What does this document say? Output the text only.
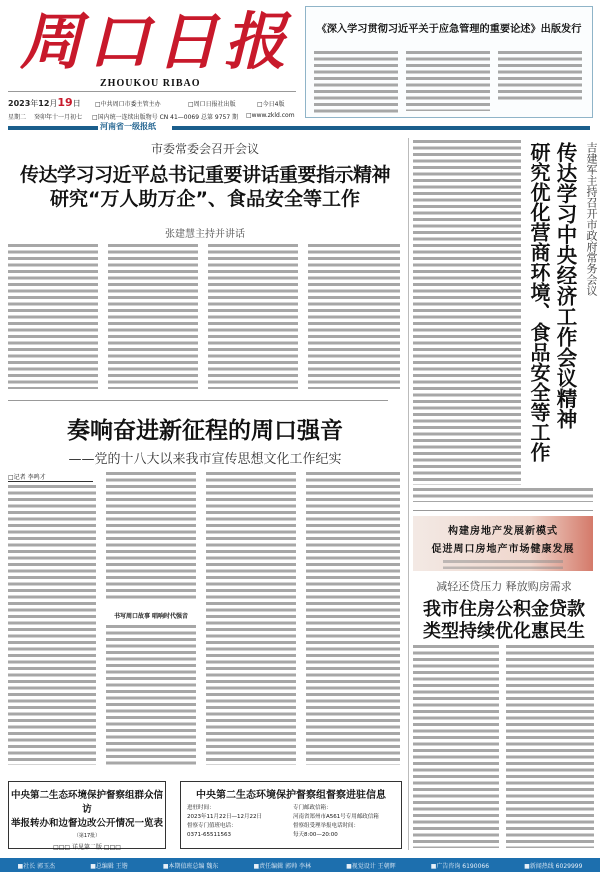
周口日报
ZHOUKOU RIBAO
2023年12月19日 □中共周口市委主管主办	□周口日报社出版	□今日4版
星期二 癸卯年十一月初七 □国内统一连续出版物号 CN 41—0069 总第 9757 期 □www.zkld.com
河南省一级报纸
《深入学习贯彻习近平关于应急管理的重要论述》出版发行
市委常委会召开会议
传达学习习近平总书记重要讲话重要指示精神
研究“万人助万企”、食品安全等工作
张建慧主持并讲话
奏响奋进新征程的周口强音
——党的十八大以来我市宣传思想文化工作纪实
□记者 李鸣才
书写周口故事 唱响时代强音
中央第二生态环境保护督察组群众信访
举报转办和边督边改公开情况一览表
（第17批）
□□□ 详见第二版 □□□
中央第二生态环境保护督察组督察进驻信息
进驻时间：
2023年11月22日—12月22日
督察专门值班电话：
0371-65511563
专门邮政信箱：
河南省郑州市A561号专用邮政信箱
督察组受理举报电话时间：
每天8:00—20:00
吉建军主持召开市政府常务会议
传达学习中央经济工作会议精神
研究优化营商环境、食品安全等工作
构建房地产发展新模式
促进周口房地产市场健康发展
减轻还贷压力 释放购房需求
我市住房公积金贷款
类型持续优化惠民生
■社长 郭玉杰	■总编辑 王锴	■本期值班总编 魏东	■责任编辑 郭帅 李林	■视觉设计 王朝辉	■广告咨询 6190066	■新闻热线 6029999
